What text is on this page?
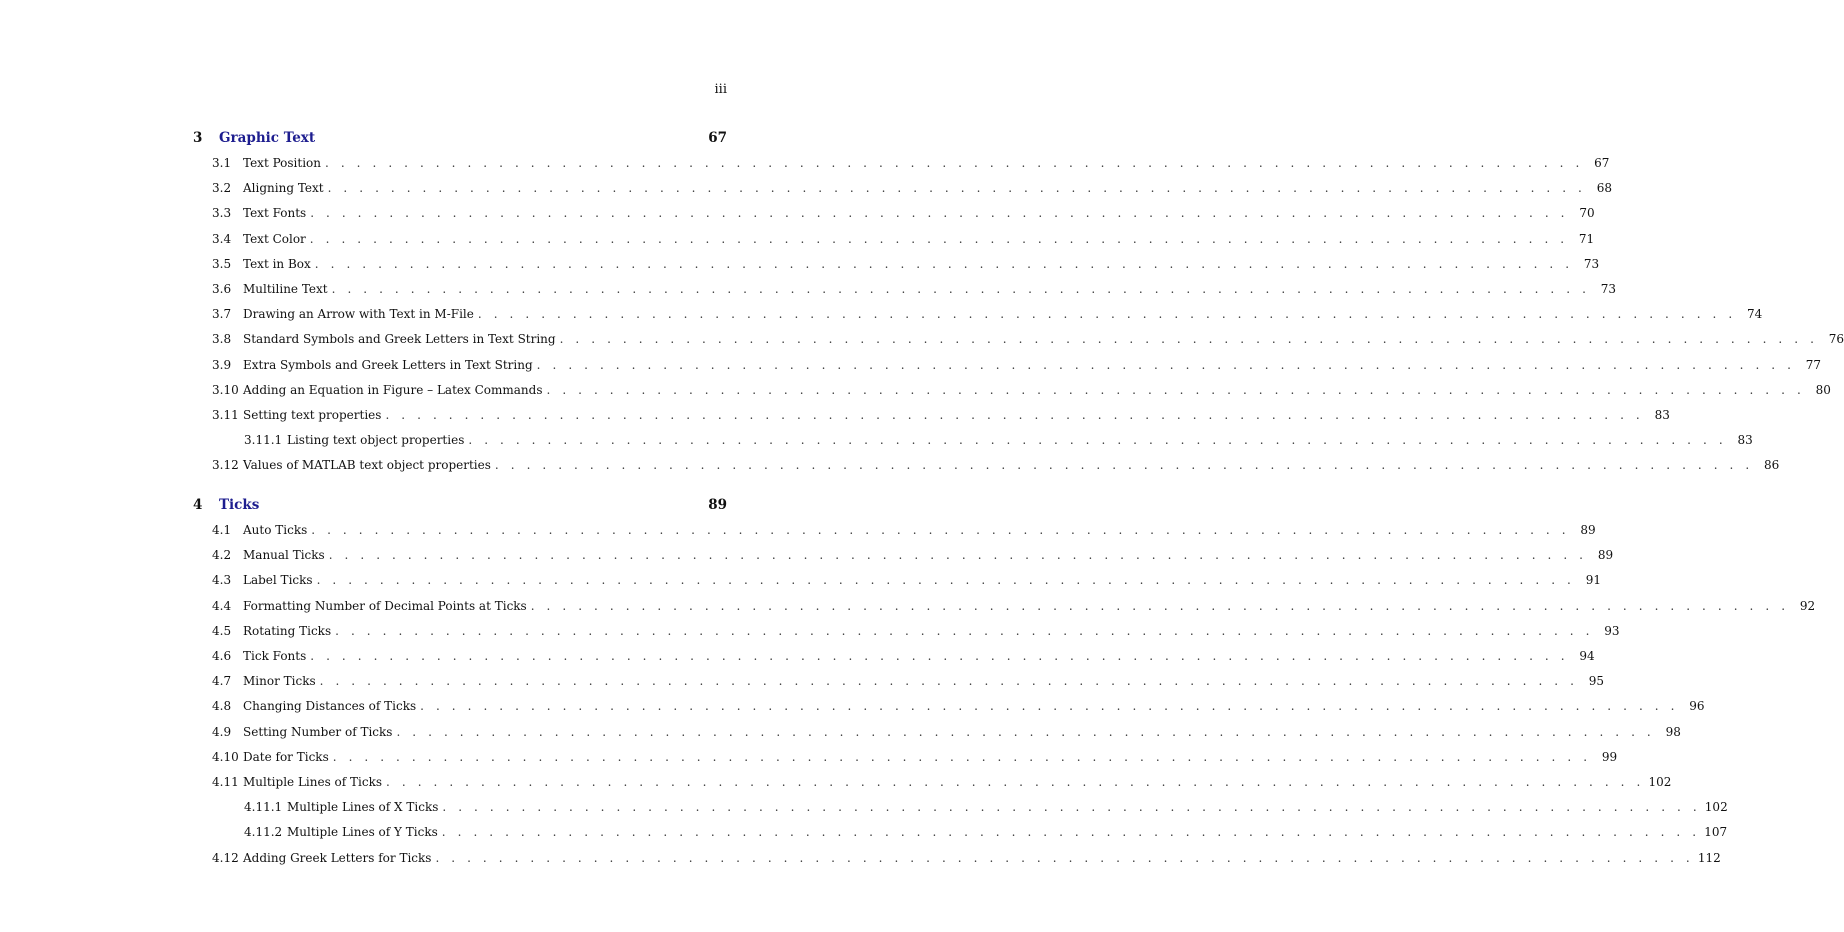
iii
3 Graphic Text	67
3.1 Text Position . . . . . . . . . . . . . . . . . . . . . . . . . . . . . . . . . . . . . . . . . . . . . . . . . . . . . . . . . . . . . . . . . . . . . . . . . . . . . . . . 67
3.2 Aligning Text . . . . . . . . . . . . . . . . . . . . . . . . . . . . . . . . . . . . . . . . . . . . . . . . . . . . . . . . . . . . . . . . . . . . . . . . . . . . . . . . 68
3.3 Text Fonts . . . . . . . . . . . . . . . . . . . . . . . . . . . . . . . . . . . . . . . . . . . . . . . . . . . . . . . . . . . . . . . . . . . . . . . . . . . . . . . . 70
3.4 Text Color . . . . . . . . . . . . . . . . . . . . . . . . . . . . . . . . . . . . . . . . . . . . . . . . . . . . . . . . . . . . . . . . . . . . . . . . . . . . . . . . 71
3.5 Text in Box . . . . . . . . . . . . . . . . . . . . . . . . . . . . . . . . . . . . . . . . . . . . . . . . . . . . . . . . . . . . . . . . . . . . . . . . . . . . . . . . 73
3.6 Multiline Text . . . . . . . . . . . . . . . . . . . . . . . . . . . . . . . . . . . . . . . . . . . . . . . . . . . . . . . . . . . . . . . . . . . . . . . . . . . . . . . . 73
3.7 Drawing an Arrow with Text in M-File . . . . . . . . . . . . . . . . . . . . . . . . . . . . . . . . . . . . . . . . . . . . . . . . . . . . . . . . . . . . . . . . . . . . . . . . . . . . . . . . 74
3.8 Standard Symbols and Greek Letters in Text String . . . . . . . . . . . . . . . . . . . . . . . . . . . . . . . . . . . . . . . . . . . . . . . . . . . . . . . . . . . . . . . . . . . . . . . . . . . . . . . . 76
3.9 Extra Symbols and Greek Letters in Text String . . . . . . . . . . . . . . . . . . . . . . . . . . . . . . . . . . . . . . . . . . . . . . . . . . . . . . . . . . . . . . . . . . . . . . . . . . . . . . . . 77
3.10 Adding an Equation in Figure – Latex Commands . . . . . . . . . . . . . . . . . . . . . . . . . . . . . . . . . . . . . . . . . . . . . . . . . . . . . . . . . . . . . . . . . . . . . . . . . . . . . . . . 80
3.11 Setting text properties . . . . . . . . . . . . . . . . . . . . . . . . . . . . . . . . . . . . . . . . . . . . . . . . . . . . . . . . . . . . . . . . . . . . . . . . . . . . . . . . 83
3.11.1 Listing text object properties . . . . . . . . . . . . . . . . . . . . . . . . . . . . . . . . . . . . . . . . . . . . . . . . . . . . . . . . . . . . . . . . . . . . . . . . . . . . . . . . 83
3.12 Values of MATLAB text object properties . . . . . . . . . . . . . . . . . . . . . . . . . . . . . . . . . . . . . . . . . . . . . . . . . . . . . . . . . . . . . . . . . . . . . . . . . . . . . . . . 86
4 Ticks	89
4.1 Auto Ticks . . . . . . . . . . . . . . . . . . . . . . . . . . . . . . . . . . . . . . . . . . . . . . . . . . . . . . . . . . . . . . . . . . . . . . . . . . . . . . . . 89
4.2 Manual Ticks . . . . . . . . . . . . . . . . . . . . . . . . . . . . . . . . . . . . . . . . . . . . . . . . . . . . . . . . . . . . . . . . . . . . . . . . . . . . . . . . 89
4.3 Label Ticks . . . . . . . . . . . . . . . . . . . . . . . . . . . . . . . . . . . . . . . . . . . . . . . . . . . . . . . . . . . . . . . . . . . . . . . . . . . . . . . . 91
4.4 Formatting Number of Decimal Points at Ticks . . . . . . . . . . . . . . . . . . . . . . . . . . . . . . . . . . . . . . . . . . . . . . . . . . . . . . . . . . . . . . . . . . . . . . . . . . . . . . . . 92
4.5 Rotating Ticks . . . . . . . . . . . . . . . . . . . . . . . . . . . . . . . . . . . . . . . . . . . . . . . . . . . . . . . . . . . . . . . . . . . . . . . . . . . . . . . . 93
4.6 Tick Fonts . . . . . . . . . . . . . . . . . . . . . . . . . . . . . . . . . . . . . . . . . . . . . . . . . . . . . . . . . . . . . . . . . . . . . . . . . . . . . . . . 94
4.7 Minor Ticks . . . . . . . . . . . . . . . . . . . . . . . . . . . . . . . . . . . . . . . . . . . . . . . . . . . . . . . . . . . . . . . . . . . . . . . . . . . . . . . . 95
4.8 Changing Distances of Ticks . . . . . . . . . . . . . . . . . . . . . . . . . . . . . . . . . . . . . . . . . . . . . . . . . . . . . . . . . . . . . . . . . . . . . . . . . . . . . . . . 96
4.9 Setting Number of Ticks . . . . . . . . . . . . . . . . . . . . . . . . . . . . . . . . . . . . . . . . . . . . . . . . . . . . . . . . . . . . . . . . . . . . . . . . . . . . . . . . 98
4.10 Date for Ticks . . . . . . . . . . . . . . . . . . . . . . . . . . . . . . . . . . . . . . . . . . . . . . . . . . . . . . . . . . . . . . . . . . . . . . . . . . . . . . . . 99
4.11 Multiple Lines of Ticks . . . . . . . . . . . . . . . . . . . . . . . . . . . . . . . . . . . . . . . . . . . . . . . . . . . . . . . . . . . . . . . . . . . . . . . . . . . . . . . . 102
4.11.1 Multiple Lines of X Ticks . . . . . . . . . . . . . . . . . . . . . . . . . . . . . . . . . . . . . . . . . . . . . . . . . . . . . . . . . . . . . . . . . . . . . . . . . . . . . . . . 102
4.11.2 Multiple Lines of Y Ticks . . . . . . . . . . . . . . . . . . . . . . . . . . . . . . . . . . . . . . . . . . . . . . . . . . . . . . . . . . . . . . . . . . . . . . . . . . . . . . . . 107
4.12 Adding Greek Letters for Ticks . . . . . . . . . . . . . . . . . . . . . . . . . . . . . . . . . . . . . . . . . . . . . . . . . . . . . . . . . . . . . . . . . . . . . . . . . . . . . . . . 112
